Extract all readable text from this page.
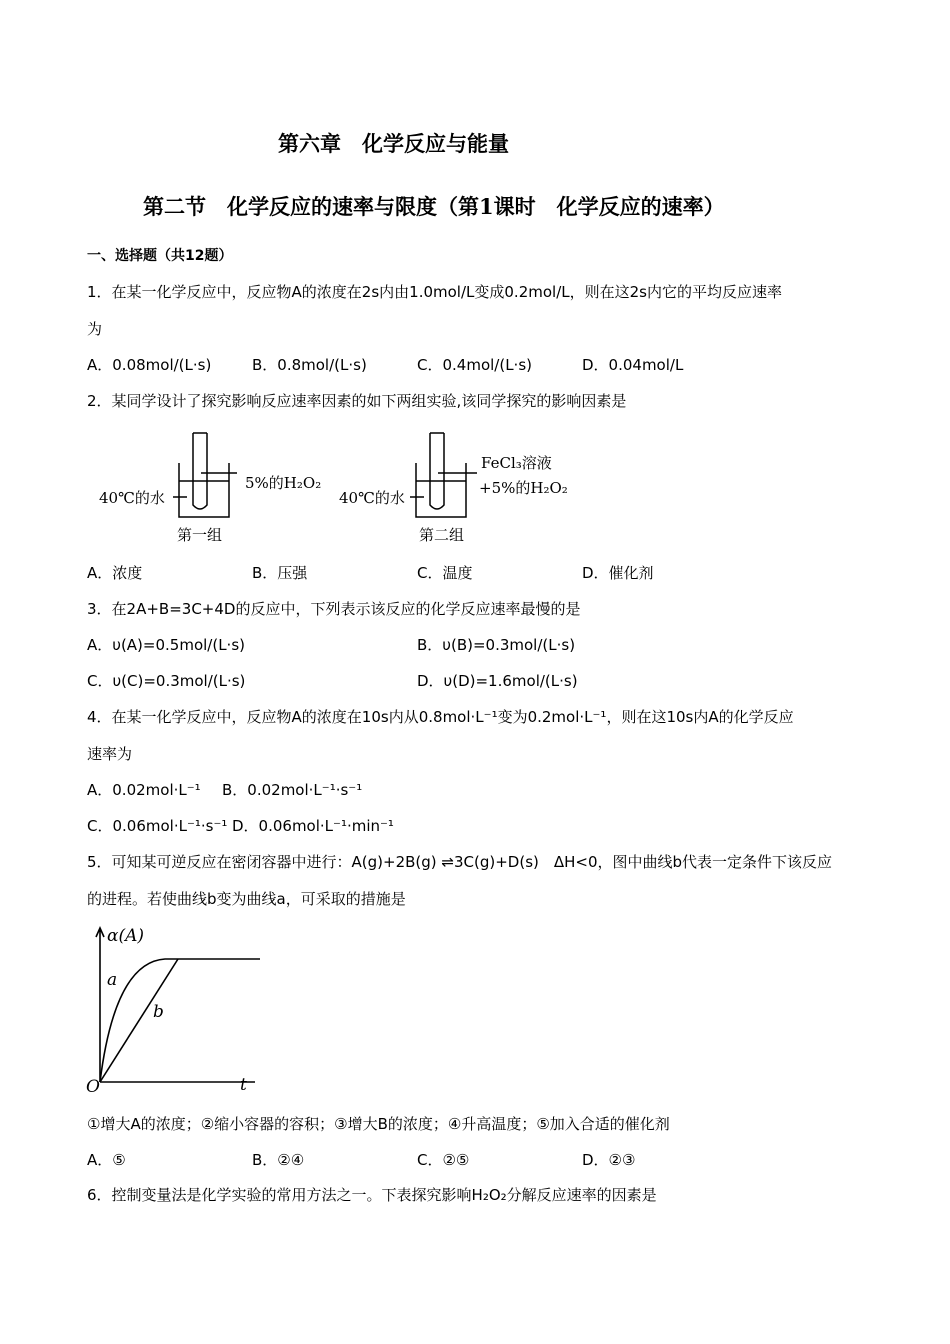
第六章　化学反应与能量
第二节　化学反应的速率与限度（第1课时　化学反应的速率）
一、选择题（共12题）
1．在某一化学反应中，反应物A的浓度在2s内由1.0mol/L变成0.2mol/L，则在这2s内它的平均反应速率
为
A．0.08mol/(L·s)	B．0.8mol/(L·s)	C．0.4mol/(L·s)	D．0.04mol/L
2．某同学设计了探究影响反应速率因素的如下两组实验,该同学探究的影响因素是
40℃的水
5%的H₂O₂
第一组
40℃的水
FeCl₃溶液
+5%的H₂O₂
第二组
A．浓度	B．压强	C．温度	D．催化剂
3．在2A+B=3C+4D的反应中，下列表示该反应的化学反应速率最慢的是
A．υ(A)=0.5mol/(L·s)	B．υ(B)=0.3mol/(L·s)
C．υ(C)=0.3mol/(L·s)	D．υ(D)=1.6mol/(L·s)
4．在某一化学反应中，反应物A的浓度在10s内从0.8mol·L⁻¹变为0.2mol·L⁻¹，则在这10s内A的化学反应
速率为
A．0.02mol·L⁻¹ B．0.02mol·L⁻¹·s⁻¹
C．0.06mol·L⁻¹·s⁻¹ D．0.06mol·L⁻¹·min⁻¹
5．可知某可逆反应在密闭容器中进行：A(g)+2B(g) ⇌3C(g)+D(s)　ΔH<0，图中曲线b代表一定条件下该反应
的进程。若使曲线b变为曲线a，可采取的措施是
α(A)
t
O
a
b
①增大A的浓度；②缩小容器的容积；③增大B的浓度；④升高温度；⑤加入合适的催化剂
A．⑤	B．②④	C．②⑤	D．②③
6．控制变量法是化学实验的常用方法之一。下表探究影响H₂O₂分解反应速率的因素是
